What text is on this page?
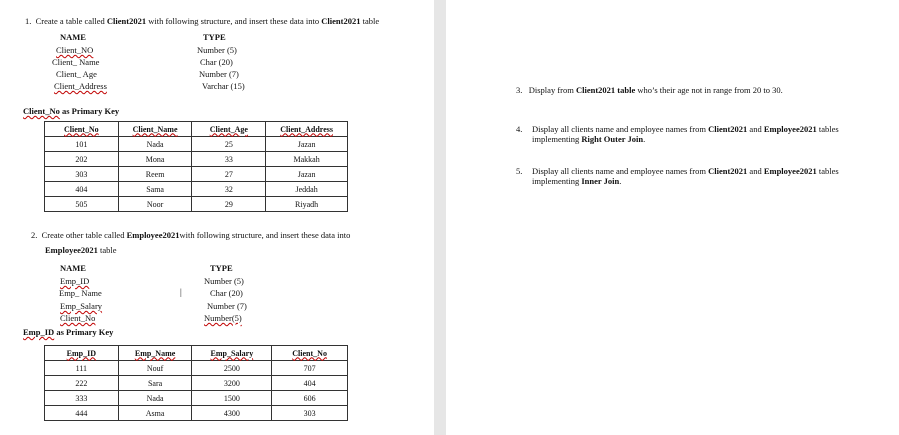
1. Create a table called Client2021 with following structure, and insert these data into Client2021 table
NAME	TYPE
Client_NO	Number (5)
Client_ Name	Char (20)
Client_ Age	Number (7)
Client_Address	Varchar (15)
Client_No as Primary Key
Client_No	Client_Name	Client_Age	Client_Address
101	Nada	25	Jazan
202	Mona	33	Makkah
303	Reem	27	Jazan
404	Sama	32	Jeddah
505	Noor	29	Riyadh
2. Create other table called Employee2021with following structure, and insert these data into
Employee2021 table
NAME	TYPE
Emp_ID	Number (5)
Emp_ Name	|	Char (20)
Emp_Salary	Number (7)
Client_No	Number(5)
Emp_ID as Primary Key
Emp_ID	Emp_Name	Emp_Salary	Client_No
111	Nouf	2500	707
222	Sara	3200	404
333	Nada	1500	606
444	Asma	4300	303
3. Display from Client2021 table who’s their age not in range from 20 to 30.
4. Display all clients name and employee names from Client2021 and Employee2021 tables implementing Right Outer Join.
5. Display all clients name and employee names from Client2021 and Employee2021 tables implementing Inner Join.
